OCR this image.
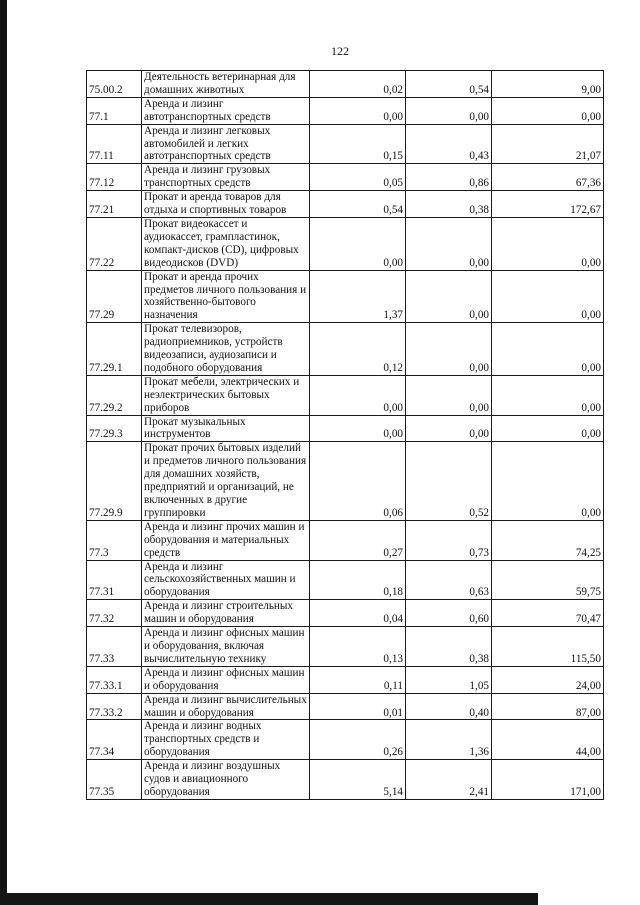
122
75.00.2	Деятельность ветеринарная для домашних животных	0,02	0,54	9,00
77.1	Аренда и лизинг автотранспортных средств	0,00	0,00	0,00
77.11	Аренда и лизинг легковых автомобилей и легких автотранспортных средств	0,15	0,43	21,07
77.12	Аренда и лизинг грузовых транспортных средств	0,05	0,86	67,36
77.21	Прокат и аренда товаров для отдыха и спортивных товаров	0,54	0,38	172,67
77.22	Прокат видеокассет и аудиокассет, грампластинок, компакт-дисков (CD), цифровых видеодисков (DVD)	0,00	0,00	0,00
77.29	Прокат и аренда прочих предметов личного пользования и хозяйственно-бытового назначения	1,37	0,00	0,00
77.29.1	Прокат телевизоров, радиоприемников, устройств видеозаписи, аудиозаписи и подобного оборудования	0,12	0,00	0,00
77.29.2	Прокат мебели, электрических и неэлектрических бытовых приборов	0,00	0,00	0,00
77.29.3	Прокат музыкальных инструментов	0,00	0,00	0,00
77.29.9	Прокат прочих бытовых изделий и предметов личного пользования для домашних хозяйств, предприятий и организаций, не включенных в другие группировки	0,06	0,52	0,00
77.3	Аренда и лизинг прочих машин и оборудования и материальных средств	0,27	0,73	74,25
77.31	Аренда и лизинг сельскохозяйственных машин и оборудования	0,18	0,63	59,75
77.32	Аренда и лизинг строительных машин и оборудования	0,04	0,60	70,47
77.33	Аренда и лизинг офисных машин и оборудования, включая вычислительную технику	0,13	0,38	115,50
77.33.1	Аренда и лизинг офисных машин и оборудования	0,11	1,05	24,00
77.33.2	Аренда и лизинг вычислительных машин и оборудования	0,01	0,40	87,00
77.34	Аренда и лизинг водных транспортных средств и оборудования	0,26	1,36	44,00
77.35	Аренда и лизинг воздушных судов и авиационного оборудования	5,14	2,41	171,00
